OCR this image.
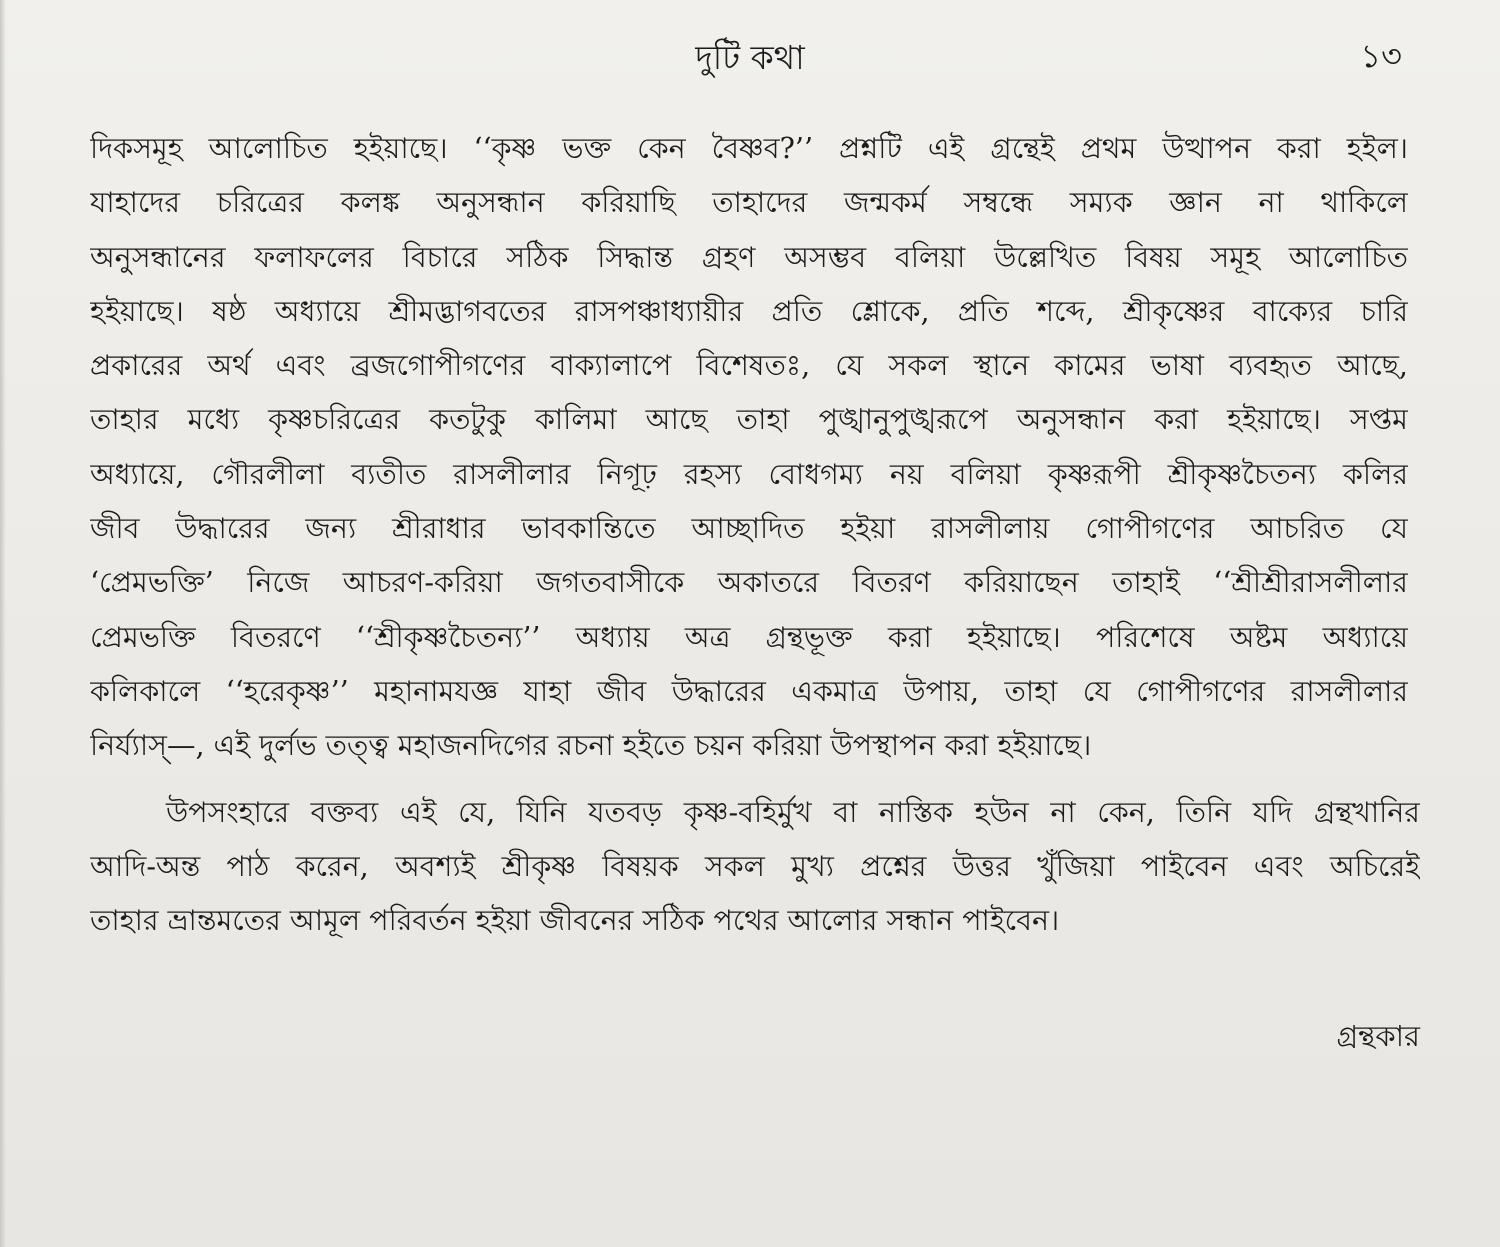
দুটি কথা	১৩
দিকসমূহ আলোচিত হইয়াছে। ‘‘কৃষ্ণ ভক্ত কেন বৈষ্ণব?’’ প্রশ্নটি এই গ্রন্থেই প্রথম উত্থাপন করা হইল।
যাহাদের চরিত্রের কলঙ্ক অনুসন্ধান করিয়াছি তাহাদের জন্মকর্ম সম্বন্ধে সম্যক জ্ঞান না থাকিলে
অনুসন্ধানের ফলাফলের বিচারে সঠিক সিদ্ধান্ত গ্রহণ অসম্ভব বলিয়া উল্লেখিত বিষয় সমূহ আলোচিত
হইয়াছে। ষষ্ঠ অধ্যায়ে শ্রীমদ্ভাগবতের রাসপঞ্চাধ্যায়ীর প্রতি শ্লোকে, প্রতি শব্দে, শ্রীকৃষ্ণের বাক্যের চারি
প্রকারের অর্থ এবং ব্রজগোপীগণের বাক্যালাপে বিশেষতঃ, যে সকল স্থানে কামের ভাষা ব্যবহৃত আছে,
তাহার মধ্যে কৃষ্ণচরিত্রের কতটুকু কালিমা আছে তাহা পুঙ্খানুপুঙ্খরূপে অনুসন্ধান করা হইয়াছে। সপ্তম
অধ্যায়ে, গৌরলীলা ব্যতীত রাসলীলার নিগূঢ় রহস্য বোধগম্য নয় বলিয়া কৃষ্ণরূপী শ্রীকৃষ্ণচৈতন্য কলির
জীব উদ্ধারের জন্য শ্রীরাধার ভাবকান্তিতে আচ্ছাদিত হইয়া রাসলীলায় গোপীগণের আচরিত যে
‘প্রেমভক্তি’ নিজে আচরণ-করিয়া জগতবাসীকে অকাতরে বিতরণ করিয়াছেন তাহাই ‘‘শ্রীশ্রীরাসলীলার
প্রেমভক্তি বিতরণে ‘‘শ্রীকৃষ্ণচৈতন্য’’ অধ্যায় অত্র গ্রন্থভূক্ত করা হইয়াছে। পরিশেষে অষ্টম অধ্যায়ে
কলিকালে ‘‘হরেকৃষ্ণ’’ মহানামযজ্ঞ যাহা জীব উদ্ধারের একমাত্র উপায়, তাহা যে গোপীগণের রাসলীলার
নির্য্যাস্—, এই দুর্লভ তত্ত্ব মহাজনদিগের রচনা হইতে চয়ন করিয়া উপস্থাপন করা হইয়াছে।
উপসংহারে বক্তব্য এই যে, যিনি যতবড় কৃষ্ণ-বহির্মুখ বা নাস্তিক হউন না কেন, তিনি যদি গ্রন্থখানির
আদি-অন্ত পাঠ করেন, অবশ্যই শ্রীকৃষ্ণ বিষয়ক সকল মুখ্য প্রশ্নের উত্তর খুঁজিয়া পাইবেন এবং অচিরেই
তাহার ভ্রান্তমতের আমূল পরিবর্তন হইয়া জীবনের সঠিক পথের আলোর সন্ধান পাইবেন।
গ্রন্থকার
